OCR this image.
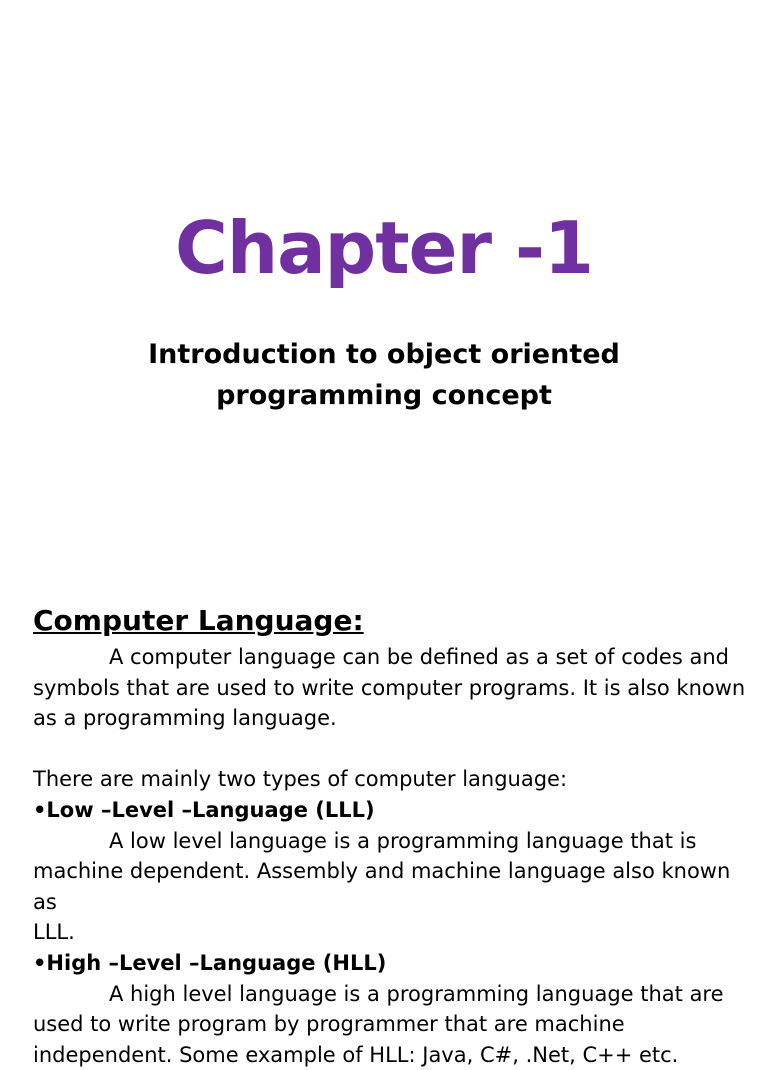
Chapter -1
Introduction to object oriented
programming concept

Computer Language:

A computer language can be defined as a set of codes and

symbols that are used to write computer programs. It is also known

as a programming language.

There are mainly two types of computer language:

•Low –Level –Language (LLL)

A low level language is a programming language that is

machine dependent. Assembly and machine language also known as

LLL.

•High –Level –Language (HLL)

A high level language is a programming language that are

used to write program by programmer that are machine

independent. Some example of HLL: Java, C#, .Net, C++ etc.
